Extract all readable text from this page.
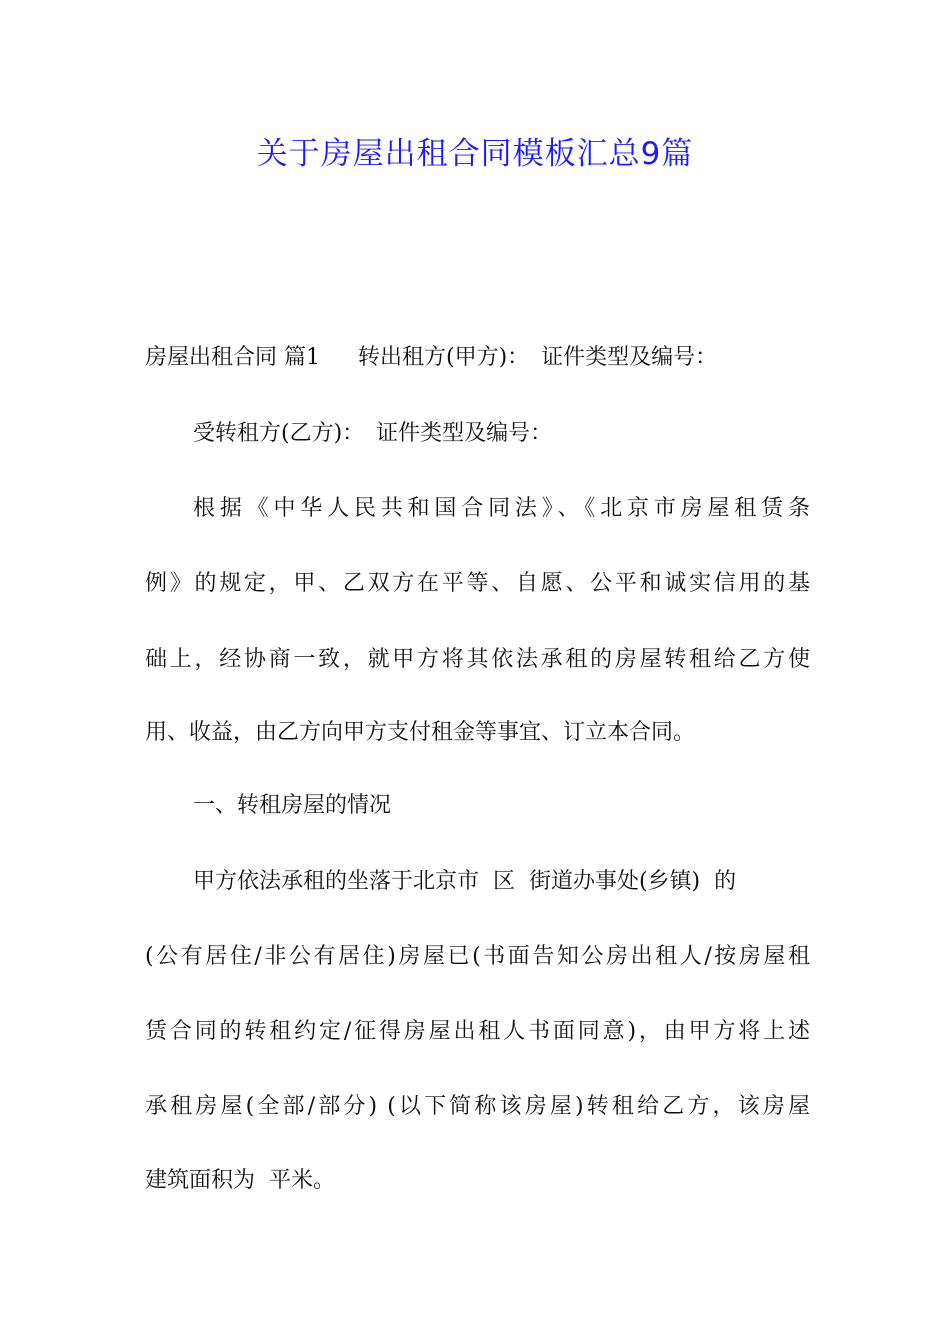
关于房屋出租合同模板汇总9篇
房屋出租合同 篇1 转出租方(甲方)： 证件类型及编号：
受转租方(乙方)： 证件类型及编号：
根据《中华人民共和国合同法》、《北京市房屋租赁条
例》的规定，甲、乙双方在平等、自愿、公平和诚实信用的基
础上，经协商一致，就甲方将其依法承租的房屋转租给乙方使
用、收益，由乙方向甲方支付租金等事宜、订立本合同。
一、转租房屋的情况
甲方依法承租的坐落于北京市  区  街道办事处(乡镇)  的
(公有居住/非公有居住)房屋已(书面告知公房出租人/按房屋租
赁合同的转租约定/征得房屋出租人书面同意)，由甲方将上述
承租房屋(全部/部分) (以下简称该房屋)转租给乙方，该房屋
建筑面积为  平米。
